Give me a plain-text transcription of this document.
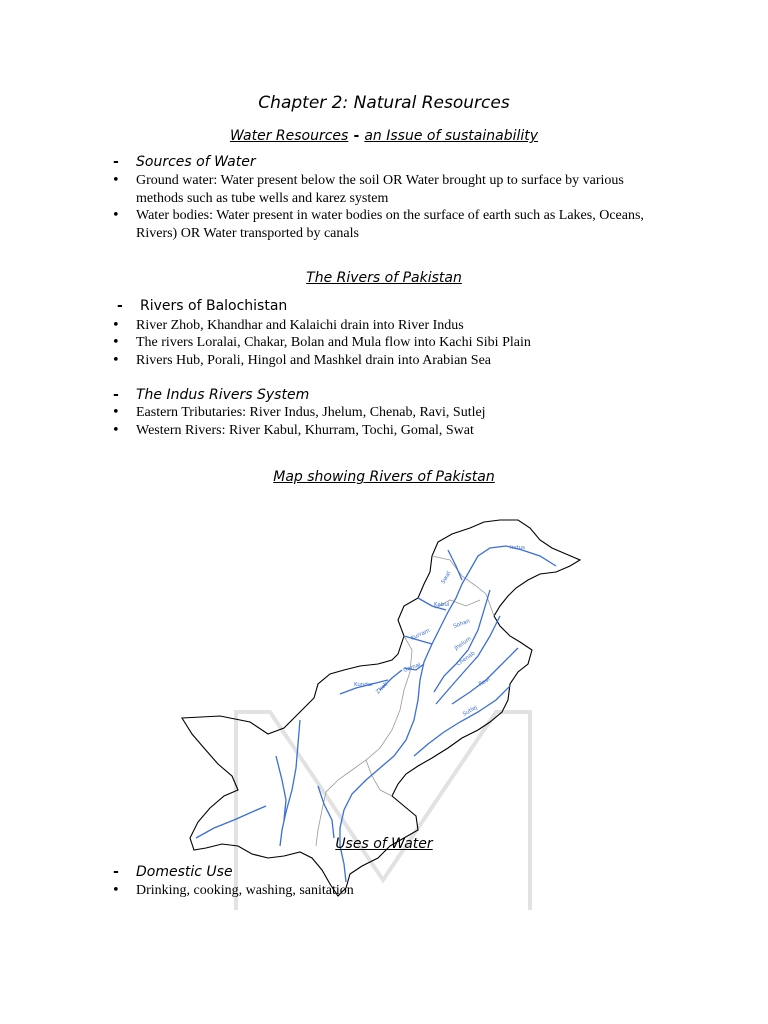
Chapter 2: Natural Resources
Water Resources - an Issue of sustainability
- Sources of Water
• Ground water: Water present below the soil OR Water brought up to surface by various methods such as tube wells and karez system
• Water bodies: Water present in water bodies on the surface of earth such as Lakes, Oceans, Rivers) OR Water transported by canals
The Rivers of Pakistan
- Rivers of Balochistan
• River Zhob, Khandhar and Kalaichi drain into River Indus
• The rivers Loralai, Chakar, Bolan and Mula flow into Kachi Sibi Plain
• Rivers Hub, Porali, Hingol and Mashkel drain into Arabian Sea
- The Indus Rivers System
• Eastern Tributaries: River Indus, Jhelum, Chenab, Ravi, Sutlej
• Western Rivers: River Kabul, Khurram, Tochi, Gomal, Swat
Map showing Rivers of Pakistan
Indus
Swat
Kabul
Sohan
Kurram
Jhelum
Chenab
Gomal
Ravi
Kundar Zhob
Sutlej
Uses of Water
- Domestic Use
• Drinking, cooking, washing, sanitation
